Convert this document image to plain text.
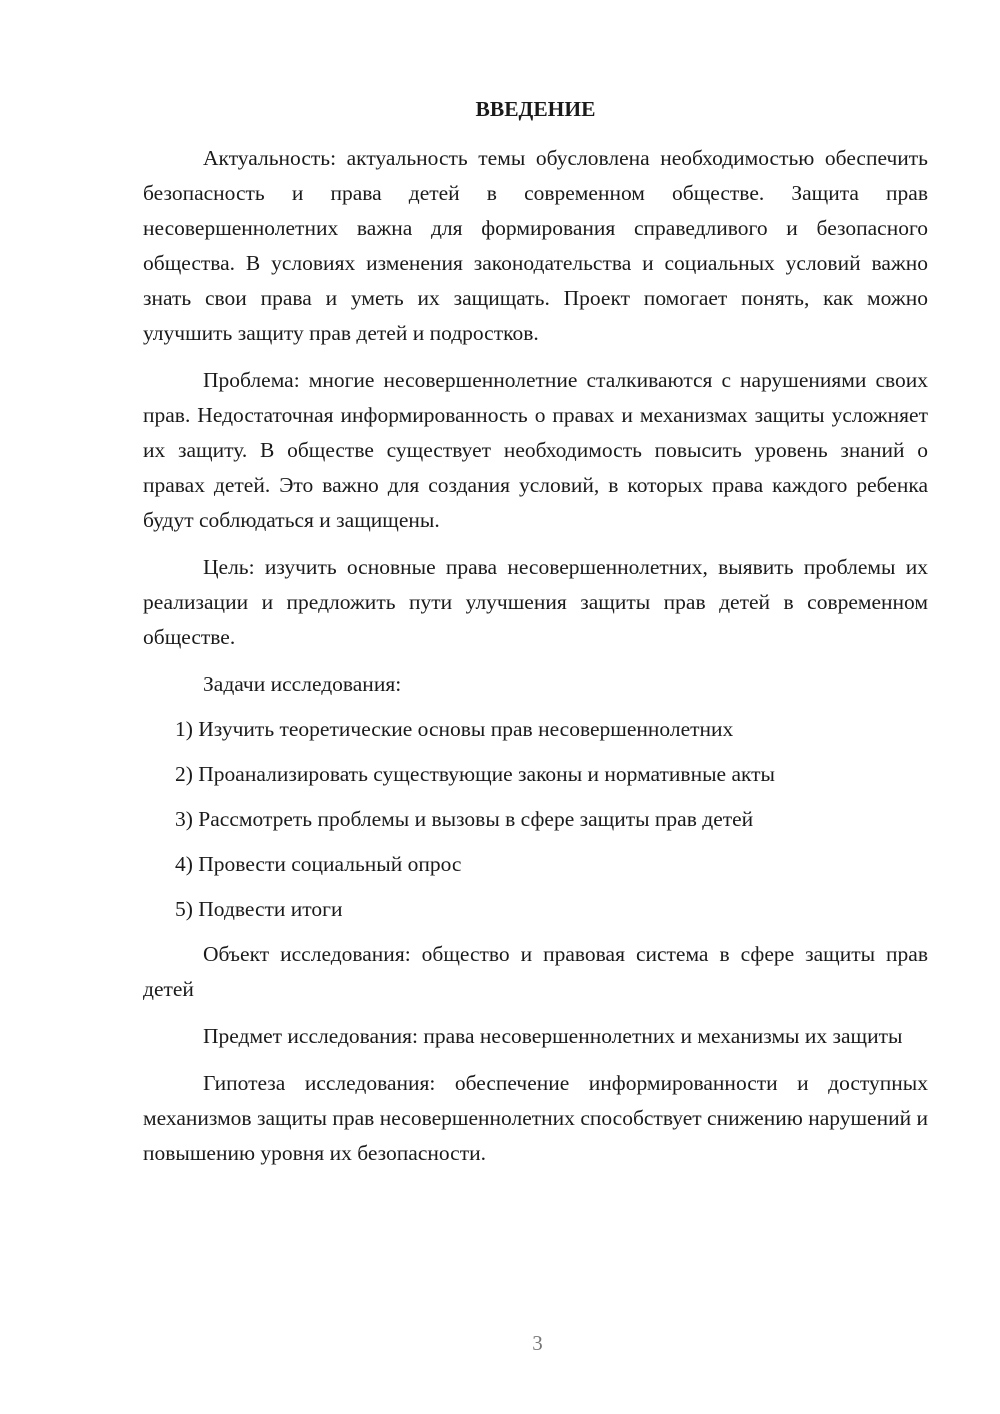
ВВЕДЕНИЕ

Актуальность: актуальность темы обусловлена необходимостью обеспечить безопасность и права детей в современном обществе. Защита прав несовершеннолетних важна для формирования справедливого и безопасного общества. В условиях изменения законодательства и социальных условий важно знать свои права и уметь их защищать. Проект помогает понять, как можно улучшить защиту прав детей и подростков.

Проблема: многие несовершеннолетние сталкиваются с нарушениями своих прав. Недостаточная информированность о правах и механизмах защиты усложняет их защиту. В обществе существует необходимость повысить уровень знаний о правах детей. Это важно для создания условий, в которых права каждого ребенка будут соблюдаться и защищены.

Цель: изучить основные права несовершеннолетних, выявить проблемы их реализации и предложить пути улучшения защиты прав детей в современном обществе.

Задачи исследования:

1) Изучить теоретические основы прав несовершеннолетних
2) Проанализировать существующие законы и нормативные акты
3) Рассмотреть проблемы и вызовы в сфере защиты прав детей
4) Провести социальный опрос
5) Подвести итоги

Объект исследования: общество и правовая система в сфере защиты прав детей

Предмет исследования: права несовершеннолетних и механизмы их защиты

Гипотеза исследования: обеспечение информированности и доступных механизмов защиты прав несовершеннолетних способствует снижению нарушений и повышению уровня их безопасности.

3
